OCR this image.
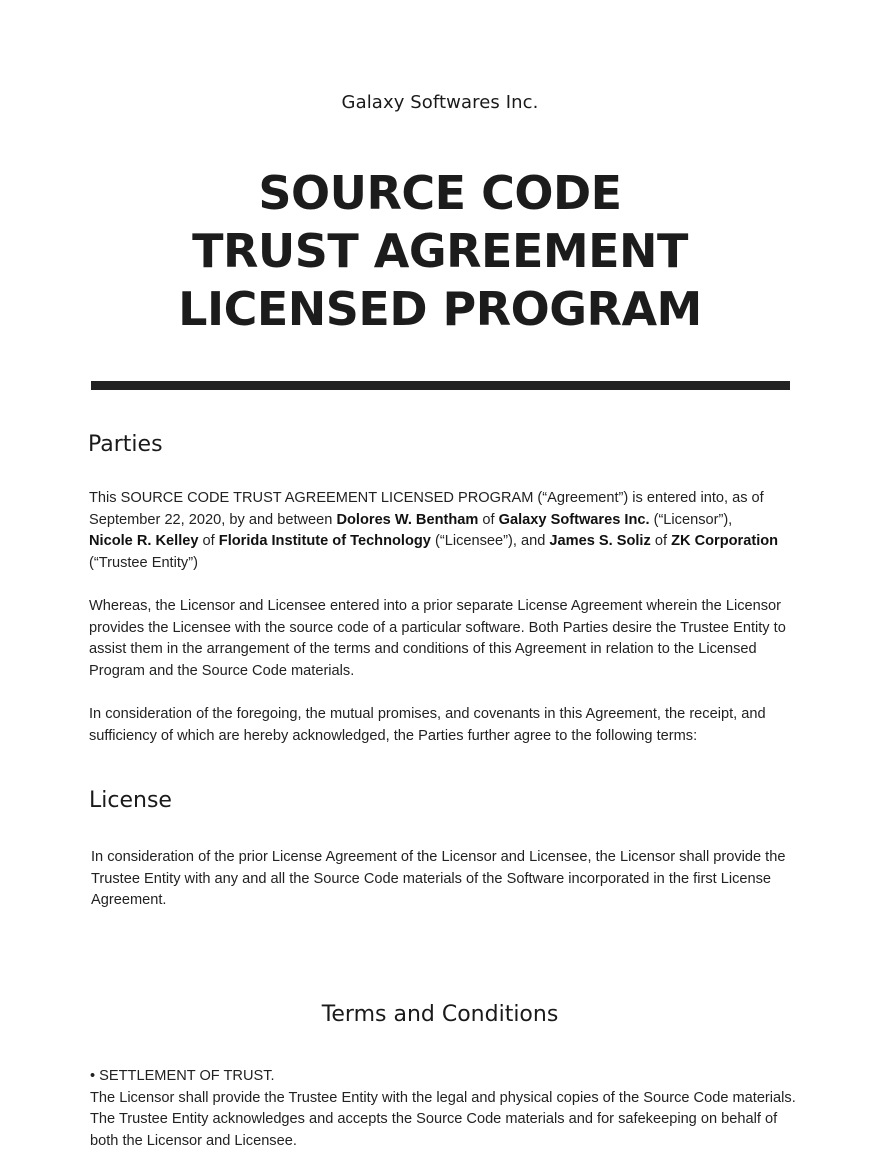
Galaxy Softwares Inc.
SOURCE CODE
TRUST AGREEMENT
LICENSED PROGRAM
Parties
This SOURCE CODE TRUST AGREEMENT LICENSED PROGRAM (“Agreement”) is entered into, as of
September 22, 2020, by and between Dolores W. Bentham of Galaxy Softwares Inc. (“Licensor”),
Nicole R. Kelley of Florida Institute of Technology (“Licensee”), and James S. Soliz of ZK Corporation
(“Trustee Entity”)
Whereas, the Licensor and Licensee entered into a prior separate License Agreement wherein the Licensor
provides the Licensee with the source code of a particular software. Both Parties desire the Trustee Entity to
assist them in the arrangement of the terms and conditions of this Agreement in relation to the Licensed
Program and the Source Code materials.
In consideration of the foregoing, the mutual promises, and covenants in this Agreement, the receipt, and
sufficiency of which are hereby acknowledged, the Parties further agree to the following terms:
License
In consideration of the prior License Agreement of the Licensor and Licensee, the Licensor shall provide the
Trustee Entity with any and all the Source Code materials of the Software incorporated in the first License
Agreement.
Terms and Conditions
• SETTLEMENT OF TRUST.
The Licensor shall provide the Trustee Entity with the legal and physical copies of the Source Code materials.
The Trustee Entity acknowledges and accepts the Source Code materials and for safekeeping on behalf of
both the Licensor and Licensee.
